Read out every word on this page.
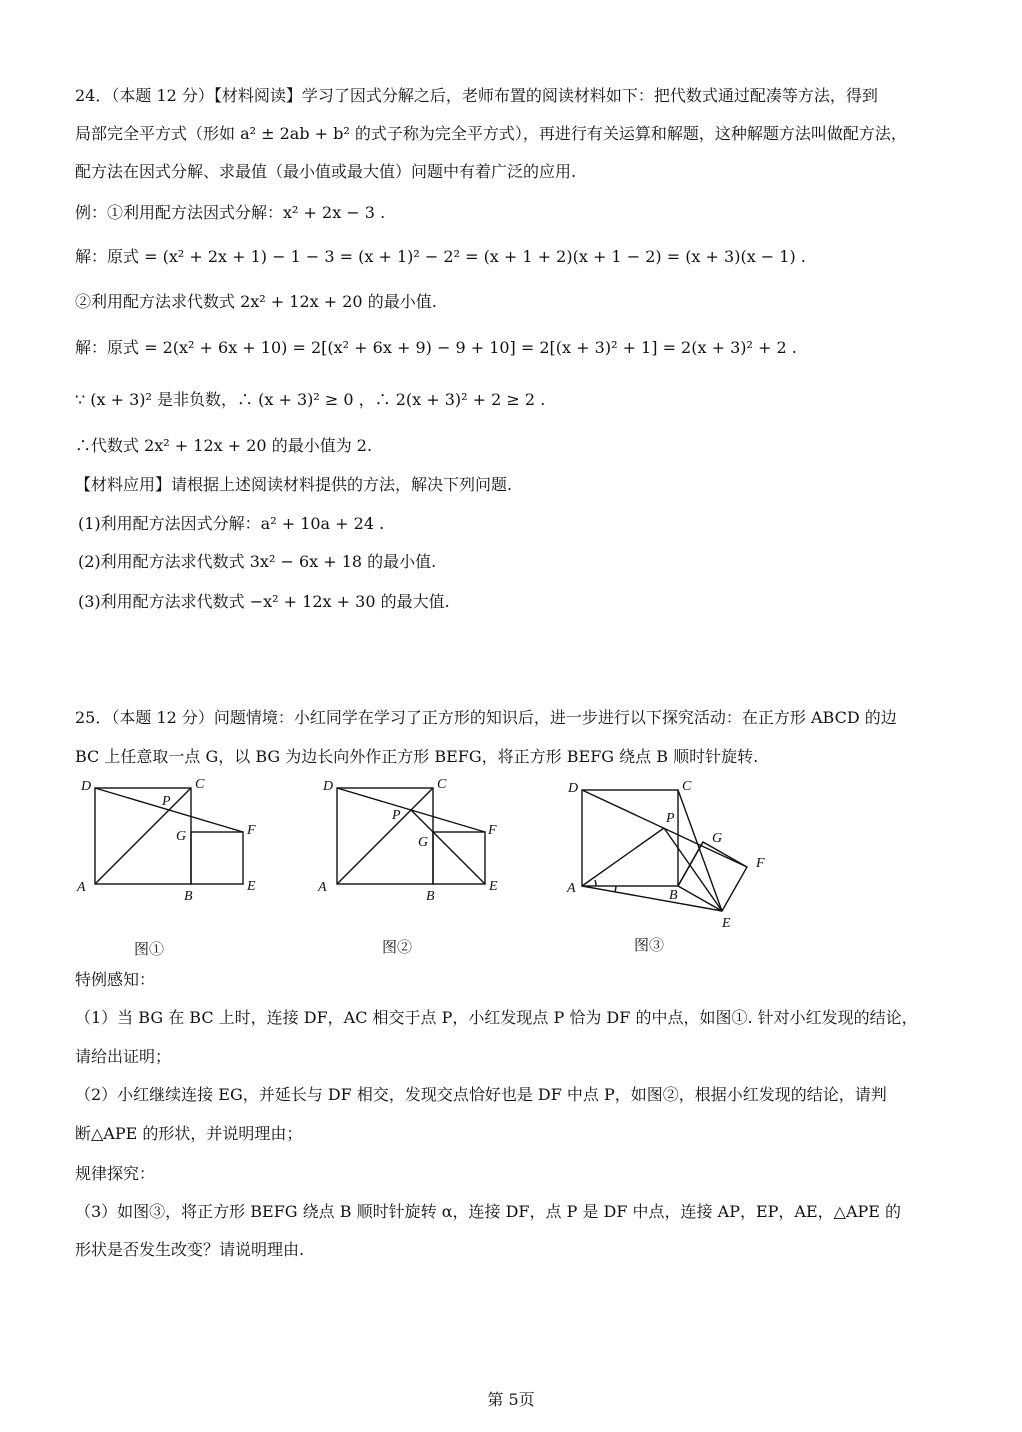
24．（本题 12 分）【材料阅读】学习了因式分解之后，老师布置的阅读材料如下：把代数式通过配凑等方法，得到
局部完全平方式（形如 a² ± 2ab + b² 的式子称为完全平方式），再进行有关运算和解题，这种解题方法叫做配方法，
配方法在因式分解、求最值（最小值或最大值）问题中有着广泛的应用.
例：①利用配方法因式分解：x² + 2x − 3 .
解：原式 = (x² + 2x + 1) − 1 − 3 = (x + 1)² − 2² = (x + 1 + 2)(x + 1 − 2) = (x + 3)(x − 1) .
②利用配方法求代数式 2x² + 12x + 20 的最小值.
解：原式 = 2(x² + 6x + 10) = 2[(x² + 6x + 9) − 9 + 10] = 2[(x + 3)² + 1] = 2(x + 3)² + 2 .
∵ (x + 3)² 是非负数，∴ (x + 3)² ≥ 0 ，∴ 2(x + 3)² + 2 ≥ 2 .
∴代数式 2x² + 12x + 20 的最小值为 2.
【材料应用】请根据上述阅读材料提供的方法，解决下列问题.
(1)利用配方法因式分解：a² + 10a + 24 .
(2)利用配方法求代数式 3x² − 6x + 18 的最小值.
(3)利用配方法求代数式 −x² + 12x + 30 的最大值.
25．（本题 12 分）问题情境：小红同学在学习了正方形的知识后，进一步进行以下探究活动：在正方形 ABCD 的边
BC 上任意取一点 G，以 BG 为边长向外作正方形 BEFG，将正方形 BEFG 绕点 B 顺时针旋转.
D	C
P
G	F
A
B
E
图①
D	C
P
G
F
A
B
E
图②
D	C
P
G
F
A	B
E
图③
特例感知：
（1）当 BG 在 BC 上时，连接 DF，AC 相交于点 P，小红发现点 P 恰为 DF 的中点，如图①. 针对小红发现的结论，
请给出证明；
（2）小红继续连接 EG，并延长与 DF 相交，发现交点恰好也是 DF 中点 P，如图②，根据小红发现的结论，请判
断△APE 的形状，并说明理由；
规律探究：
（3）如图③，将正方形 BEFG 绕点 B 顺时针旋转 α，连接 DF，点 P 是 DF 中点，连接 AP，EP，AE，△APE 的
形状是否发生改变？请说明理由.
第 5页
